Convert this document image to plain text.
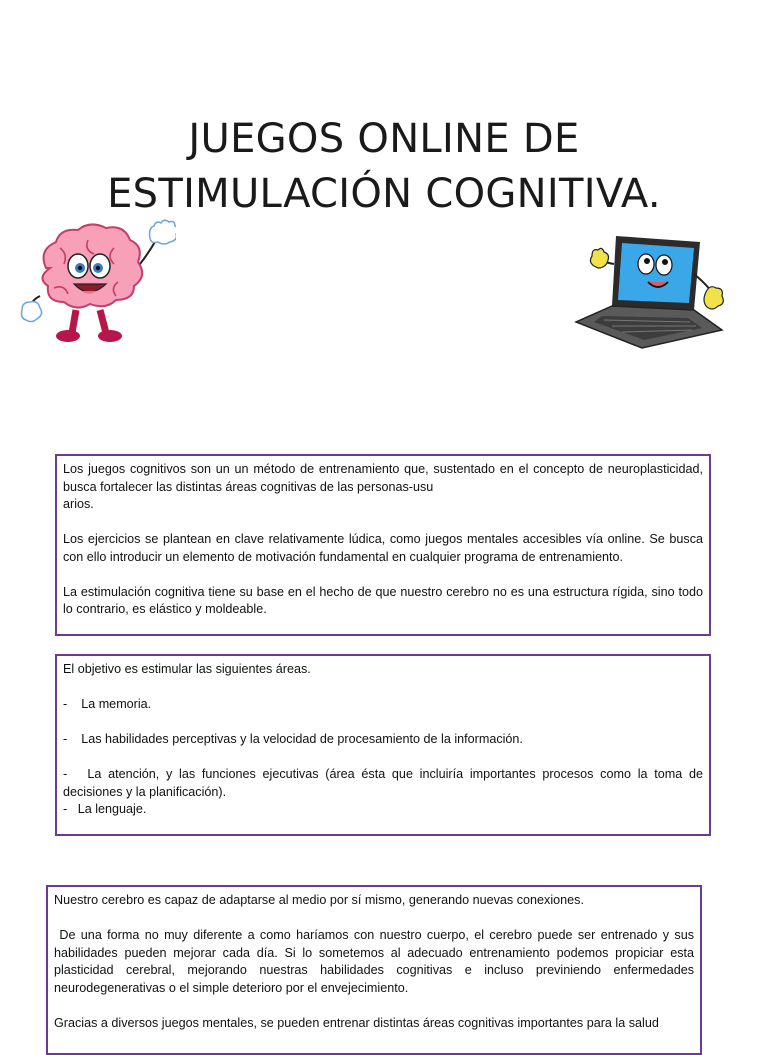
JUEGOS ONLINE DE
ESTIMULACIÓN COGNITIVA.

Los juegos cognitivos son un un método de entrenamiento que, sustentado en el concepto de neuroplasticidad, busca fortalecer las distintas áreas cognitivas de las personas-usu

arios.

Los ejercicios se plantean en clave relativamente lúdica, como juegos mentales accesibles vía online. Se busca con ello introducir un elemento de motivación fundamental en cualquier programa de entrenamiento.

La estimulación cognitiva tiene su base en el hecho de que nuestro cerebro no es una estructura rígida, sino todo lo contrario, es elástico y moldeable.

El objetivo es estimular las siguientes áreas.

-    La memoria.

-    Las habilidades perceptivas y la velocidad de procesamiento de la información.

-   La atención, y las funciones ejecutivas (área ésta que incluiría importantes procesos como la toma de decisiones y la planificación).

-   La lenguaje.

Nuestro cerebro es capaz de adaptarse al medio por sí mismo, generando nuevas conexiones.

De una forma no muy diferente a como haríamos con nuestro cuerpo, el cerebro puede ser entrenado y sus habilidades pueden mejorar cada día. Si lo sometemos al adecuado entrenamiento podemos propiciar esta plasticidad cerebral, mejorando nuestras habilidades cognitivas e incluso previniendo enfermedades neurodegenerativas o el simple deterioro por el envejecimiento.

Gracias a diversos juegos mentales, se pueden entrenar distintas áreas cognitivas importantes para la salud
